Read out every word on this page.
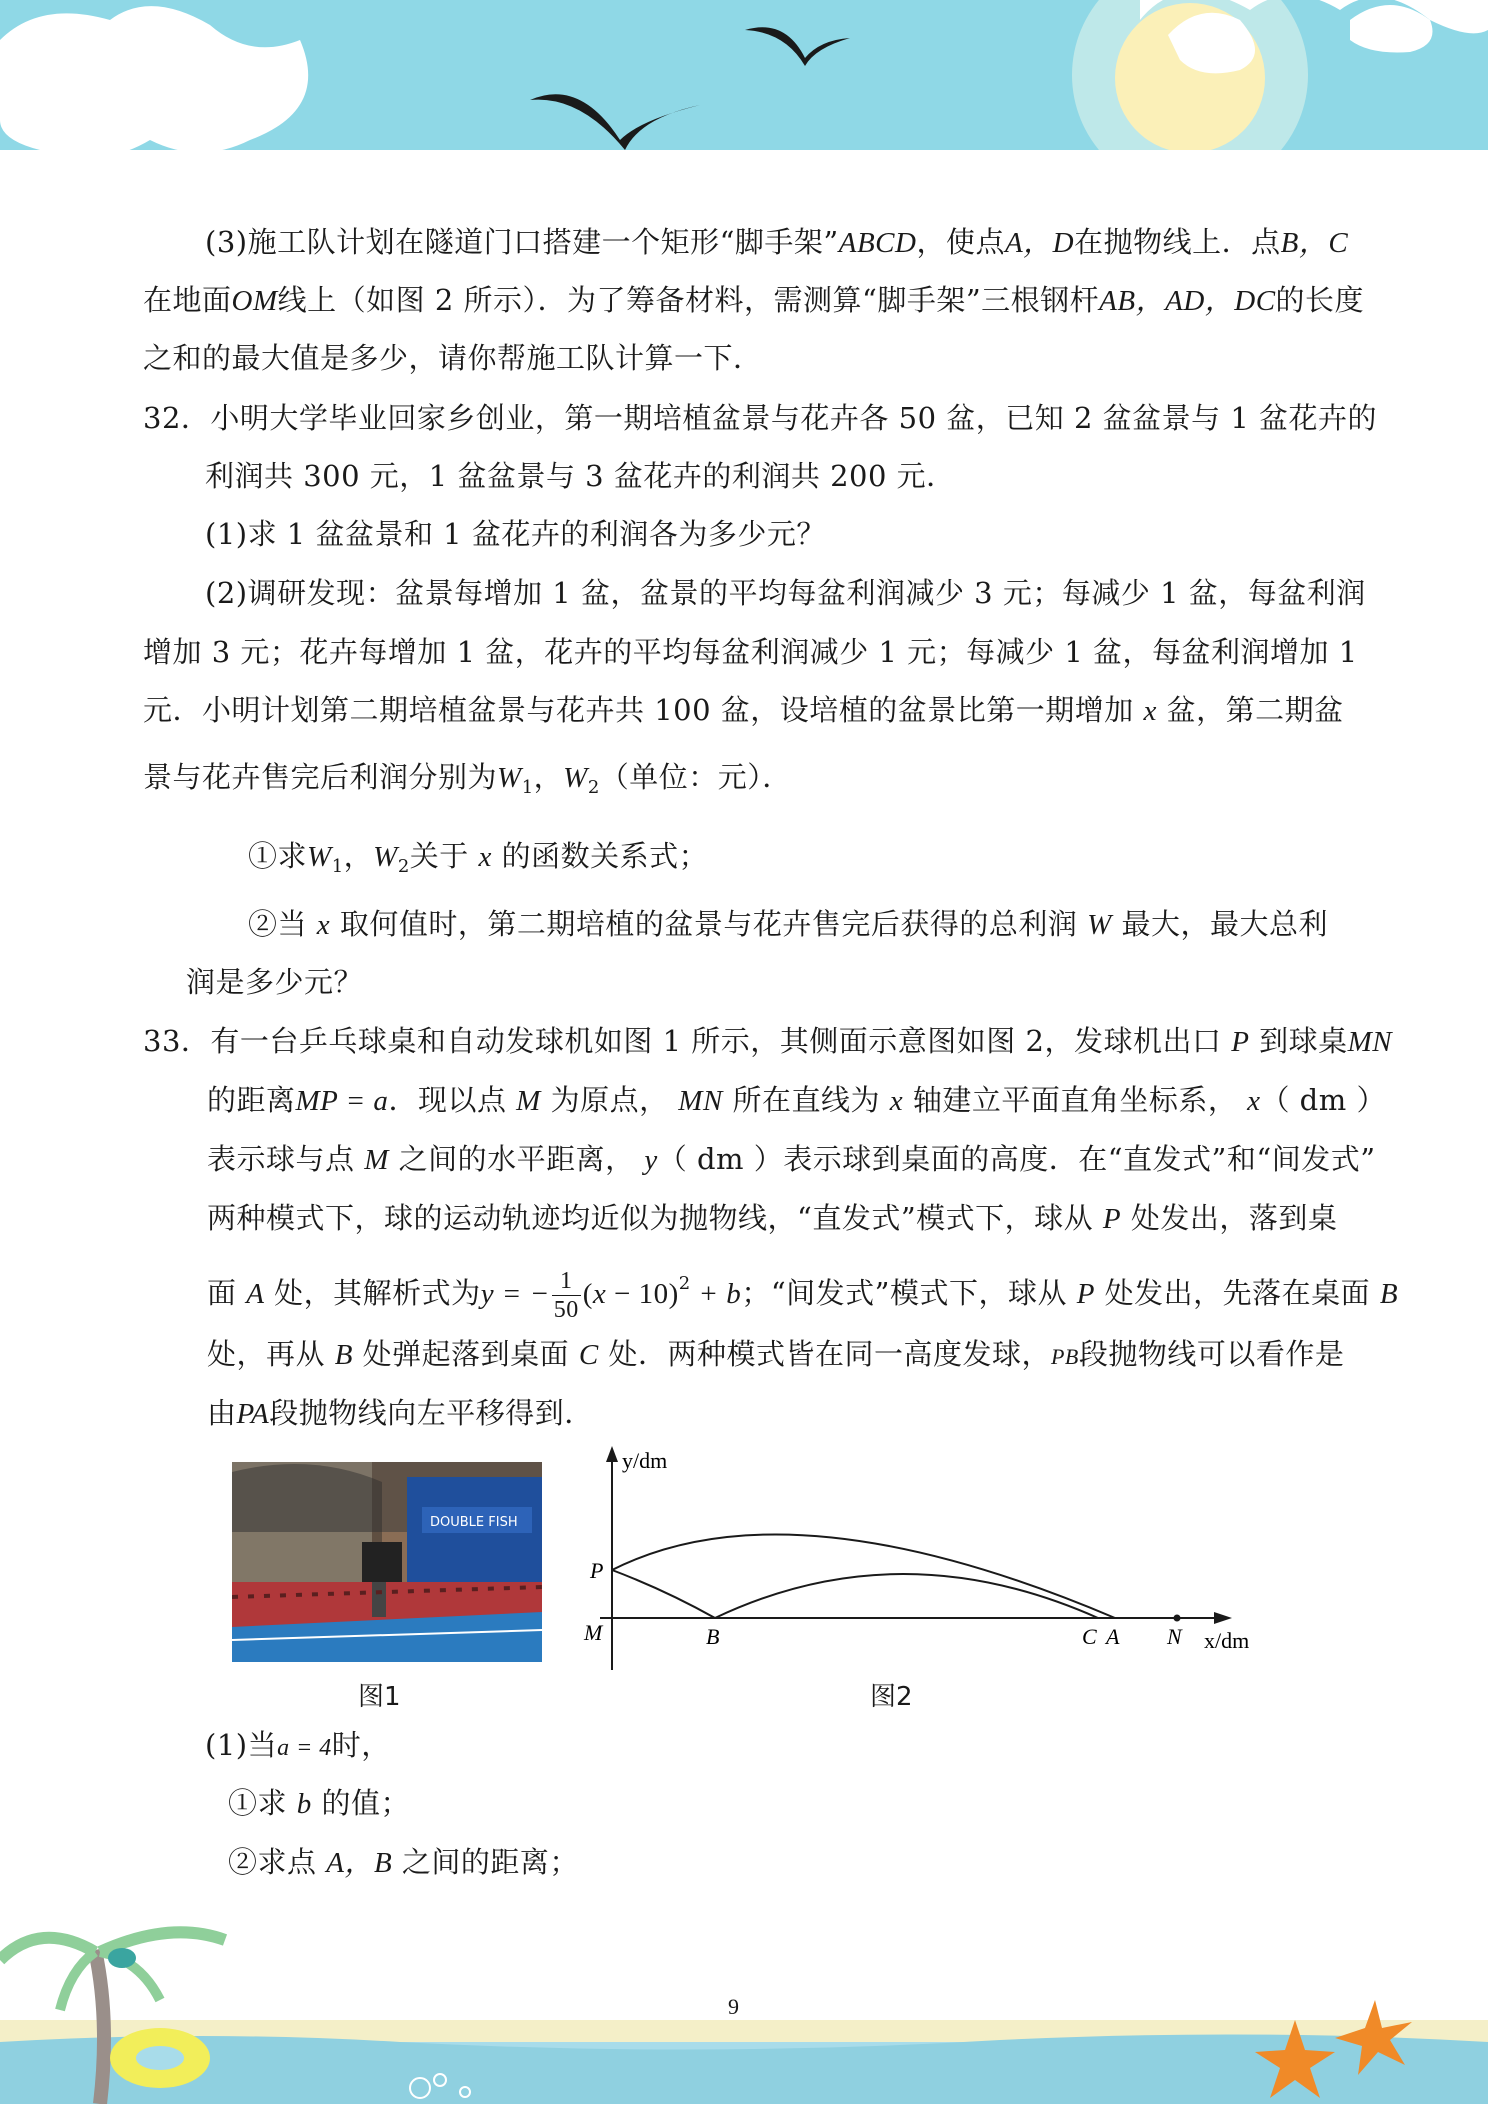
(3)施工队计划在隧道门口搭建一个矩形“脚手架”ABCD，使点A，D在抛物线上．点B，C
在地面OM线上（如图 2 所示）．为了筹备材料，需测算“脚手架”三根钢杆AB，AD，DC的长度
之和的最大值是多少，请你帮施工队计算一下．
32．小明大学毕业回家乡创业，第一期培植盆景与花卉各 50 盆，已知 2 盆盆景与 1 盆花卉的
利润共 300 元，1 盆盆景与 3 盆花卉的利润共 200 元．
(1)求 1 盆盆景和 1 盆花卉的利润各为多少元？
(2)调研发现：盆景每增加 1 盆，盆景的平均每盆利润减少 3 元；每减少 1 盆，每盆利润
增加 3 元；花卉每增加 1 盆，花卉的平均每盆利润减少 1 元；每减少 1 盆，每盆利润增加 1
元．小明计划第二期培植盆景与花卉共 100 盆，设培植的盆景比第一期增加 x 盆，第二期盆
景与花卉售完后利润分别为$W_1$，$W_2$（单位：元）．
①求$W_1$，$W_2$关于 x 的函数关系式；
②当 x 取何值时，第二期培植的盆景与花卉售完后获得的总利润 W 最大，最大总利
润是多少元？
33．有一台乒乓球桌和自动发球机如图 1 所示，其侧面示意图如图 2，发球机出口 P 到球桌MN
的距离MP = a．现以点 M 为原点， MN 所在直线为 x 轴建立平面直角坐标系， x（ dm ）
表示球与点 M 之间的水平距离， y（ dm ）表示球到桌面的高度．在“直发式”和“间发式”
两种模式下，球的运动轨迹均近似为抛物线，“直发式”模式下，球从 P 处发出，落到桌
面 A 处，其解析式为y = − $\frac{1}{50} (x - 10)^2 + b$；“间发式”模式下，球从 P 处发出，先落在桌面 B
处，再从 B 处弹起落到桌面 C 处．两种模式皆在同一高度发球，PB段抛物线可以看作是
由PA段抛物线向左平移得到．
DOUBLE FISH
图1
y/dm
x/dm
P
M	B	C A N
图2
(1)当a = 4时，
①求 b 的值；
②求点 A，B 之间的距离；
9
